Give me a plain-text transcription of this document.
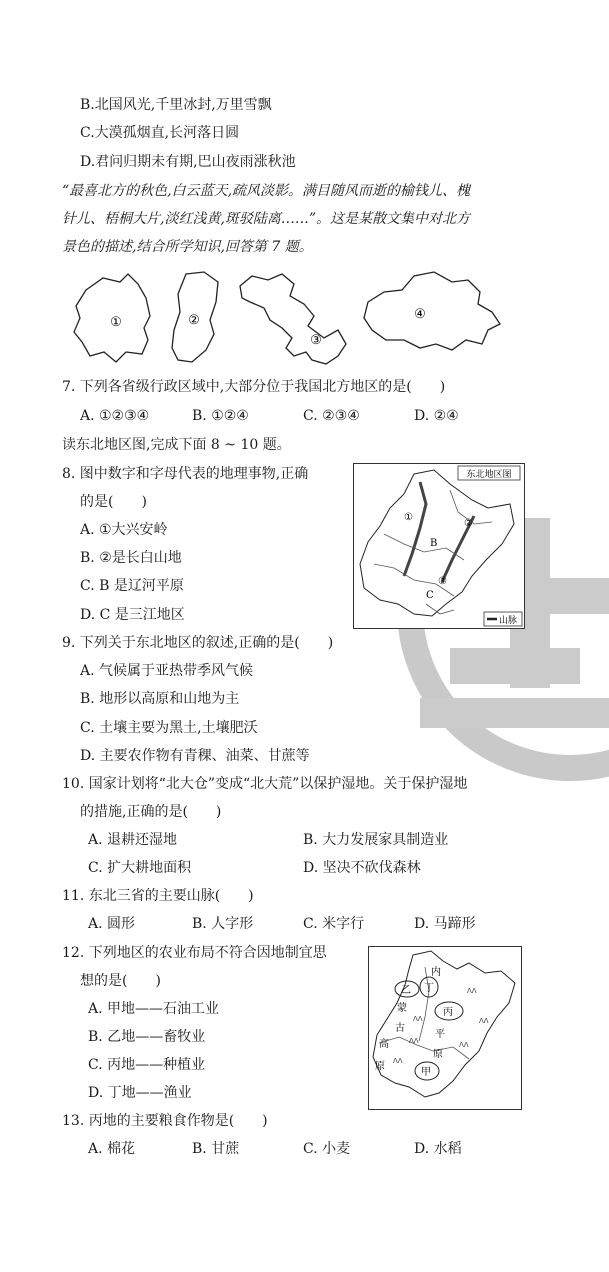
B.北国风光,千里冰封,万里雪飘
C.大漠孤烟直,长河落日圆
D.君问归期未有期,巴山夜雨涨秋池
“最喜北方的秋色,白云蓝天,疏风淡影。满目随风而逝的榆钱儿、槐
针儿、梧桐大片,淡红浅黄,斑驳陆离……”。这是某散文集中对北方
景色的描述,结合所学知识,回答第 7 题。
①	②
③
④
7. 下列各省级行政区域中,大部分位于我国北方地区的是(　　)
A. ①②③④	B. ①②④	C. ②③④	D. ②④
读东北地区图,完成下面 8 ~ 10 题。
8. 图中数字和字母代表的地理事物,正确
的是(　　)
A. ①大兴安岭
B. ②是长白山地
C. B 是辽河平原
D. C 是三江地区
东北地区图
①
②
③
B
C
山脉
9. 下列关于东北地区的叙述,正确的是(　　)
A. 气候属于亚热带季风气候
B. 地形以高原和山地为主
C. 土壤主要为黑土,土壤肥沃
D. 主要农作物有青稞、油菜、甘蔗等
10. 国家计划将“北大仓”变成“北大荒”以保护湿地。关于保护湿地
的措施,正确的是(　　)
A. 退耕还湿地	B. 大力发展家具制造业
C. 扩大耕地面积	D. 坚决不砍伐森林
11. 东北三省的主要山脉(　　)
A. 圆形	B. 人字形	C. 米字行	D. 马蹄形
12. 下列地区的农业布局不符合因地制宜思
想的是(　　)
A. 甲地——石油工业
B. 乙地——畜牧业
C. 丙地——种植业
D. 丁地——渔业
乙 丁
丙
甲
内
蒙
古
高
原
平
原
ᐱᐱ
ᐱᐱ
ᐱᐱ
ᐱᐱ
ᐱᐱ
ᐱᐱ
13. 丙地的主要粮食作物是(　　)
A. 棉花	B. 甘蔗	C. 小麦	D. 水稻
